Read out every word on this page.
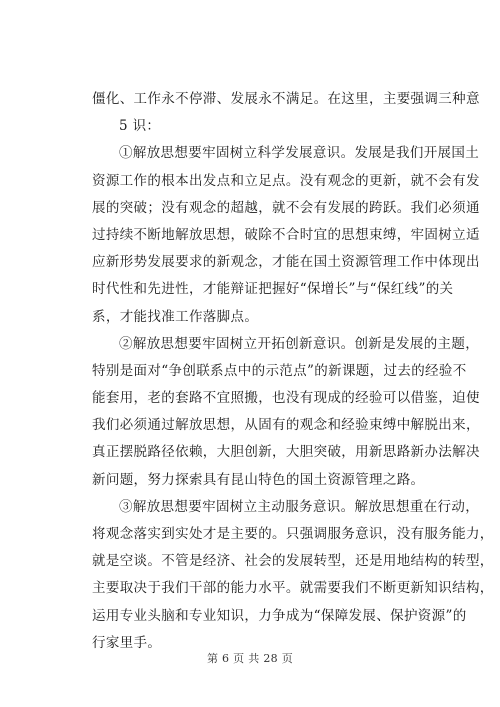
僵化、工作永不停滞、发展永不满足。在这里，主要强调三种意
5 识：
①解放思想要牢固树立科学发展意识。发展是我们开展国土
资源工作的根本出发点和立足点。没有观念的更新，就不会有发
展的突破；没有观念的超越，就不会有发展的跨跃。我们必须通
过持续不断地解放思想，破除不合时宜的思想束缚，牢固树立适
应新形势发展要求的新观念，才能在国土资源管理工作中体现出
时代性和先进性，才能辩证把握好“保增长”与“保红线”的关
系，才能找准工作落脚点。
②解放思想要牢固树立开拓创新意识。创新是发展的主题，
特别是面对“争创联系点中的示范点”的新课题，过去的经验不
能套用，老的套路不宜照搬，也没有现成的经验可以借鉴，迫使
我们必须通过解放思想，从固有的观念和经验束缚中解脱出来，
真正摆脱路径依赖，大胆创新，大胆突破，用新思路新办法解决
新问题，努力探索具有昆山特色的国土资源管理之路。
③解放思想要牢固树立主动服务意识。解放思想重在行动，
将观念落实到实处才是主要的。只强调服务意识，没有服务能力，
就是空谈。不管是经济、社会的发展转型，还是用地结构的转型，
主要取决于我们干部的能力水平。就需要我们不断更新知识结构，
运用专业头脑和专业知识，力争成为“保障发展、保护资源”的
行家里手。
第 6 页 共 28 页
